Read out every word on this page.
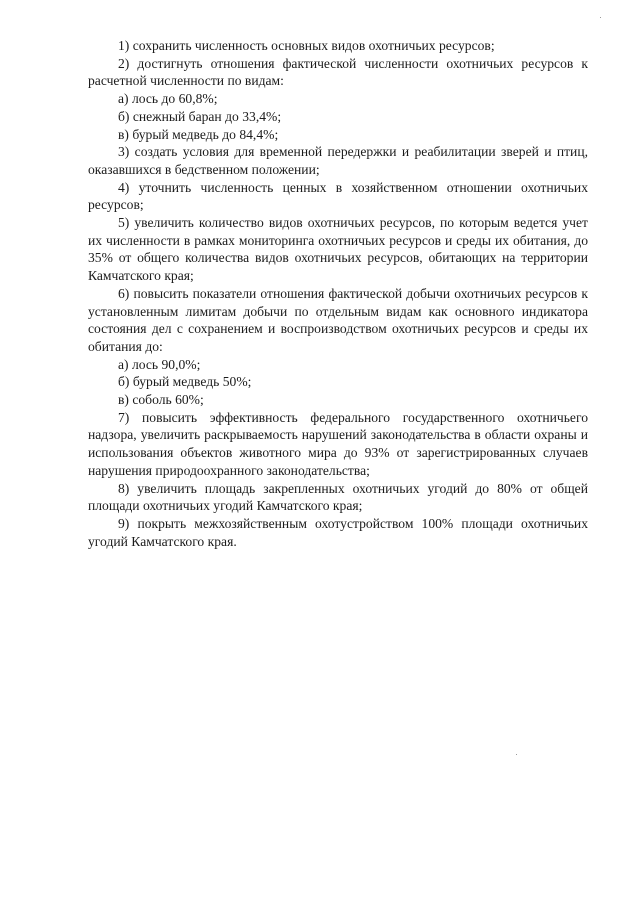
1) сохранить численность основных видов охотничьих ресурсов;

2) достигнуть отношения фактической численности охотничьих ресурсов к расчетной численности по видам:

а) лось до 60,8%;

б) снежный баран до 33,4%;

в) бурый медведь до 84,4%;

3) создать условия для временной передержки и реабилитации зверей и птиц, оказавшихся в бедственном положении;

4) уточнить численность ценных в хозяйственном отношении охотничьих ресурсов;

5) увеличить количество видов охотничьих ресурсов, по которым ведется учет их численности в рамках мониторинга охотничьих ресурсов и среды их обитания, до 35% от общего количества видов охотничьих ресурсов, обитающих на территории Камчатского края;

6) повысить показатели отношения фактической добычи охотничьих ресурсов к установленным лимитам добычи по отдельным видам как основного индикатора состояния дел с сохранением и воспроизводством охотничьих ресурсов и среды их обитания до:

а) лось 90,0%;

б) бурый медведь 50%;

в) соболь 60%;

7) повысить эффективность федерального государственного охотничьего надзора, увеличить раскрываемость нарушений законодательства в области охраны и использования объектов животного мира до 93% от зарегистрированных случаев нарушения природоохранного законодательства;

8) увеличить площадь закрепленных охотничьих угодий до 80% от общей площади охотничьих угодий Камчатского края;

9) покрыть межхозяйственным охотустройством 100% площади охотничьих угодий Камчатского края.
